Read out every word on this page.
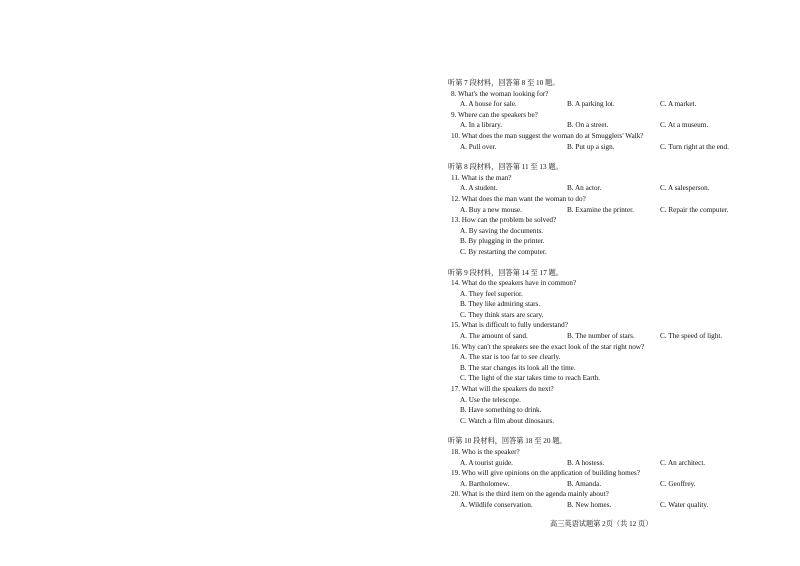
听第 7 段材料，回答第 8 至 10 题。
8. What's the woman looking for?
A. A house for sale.	B. A parking lot.	C. A market.
9. Where can the speakers be?
A. In a library.	B. On a street.	C. At a museum.
10. What does the man suggest the woman do at Smugglers' Walk?
A. Pull over.	B. Put up a sign.	C. Turn right at the end.
听第 8 段材料，回答第 11 至 13 题。
11. What is the man?
A. A student.	B. An actor.	C. A salesperson.
12. What does the man want the woman to do?
A. Buy a new mouse.	B. Examine the printer.	C. Repair the computer.
13. How can the problem be solved?
A. By saving the documents.
B. By plugging in the printer.
C. By restarting the computer.
听第 9 段材料，回答第 14 至 17 题。
14. What do the speakers have in common?
A. They feel superior.
B. They like admiring stars.
C. They think stars are scary.
15. What is difficult to fully understand?
A. The amount of sand.	B. The number of stars.	C. The speed of light.
16. Why can't the speakers see the exact look of the star right now?
A. The star is too far to see clearly.
B. The star changes its look all the time.
C. The light of the star takes time to reach Earth.
17. What will the speakers do next?
A. Use the telescope.
B. Have something to drink.
C. Watch a film about dinosaurs.
听第 10 段材料，回答第 18 至 20 题。
18. Who is the speaker?
A. A tourist guide.	B. A hostess.	C. An architect.
19. Who will give opinions on the application of building homes?
A. Bartholomew.	B. Amanda.	C. Geoffrey.
20. What is the third item on the agenda mainly about?
A. Wildlife conservation.	B. New homes.	C. Water quality.
高三英语试题第 2页（共 12 页）
